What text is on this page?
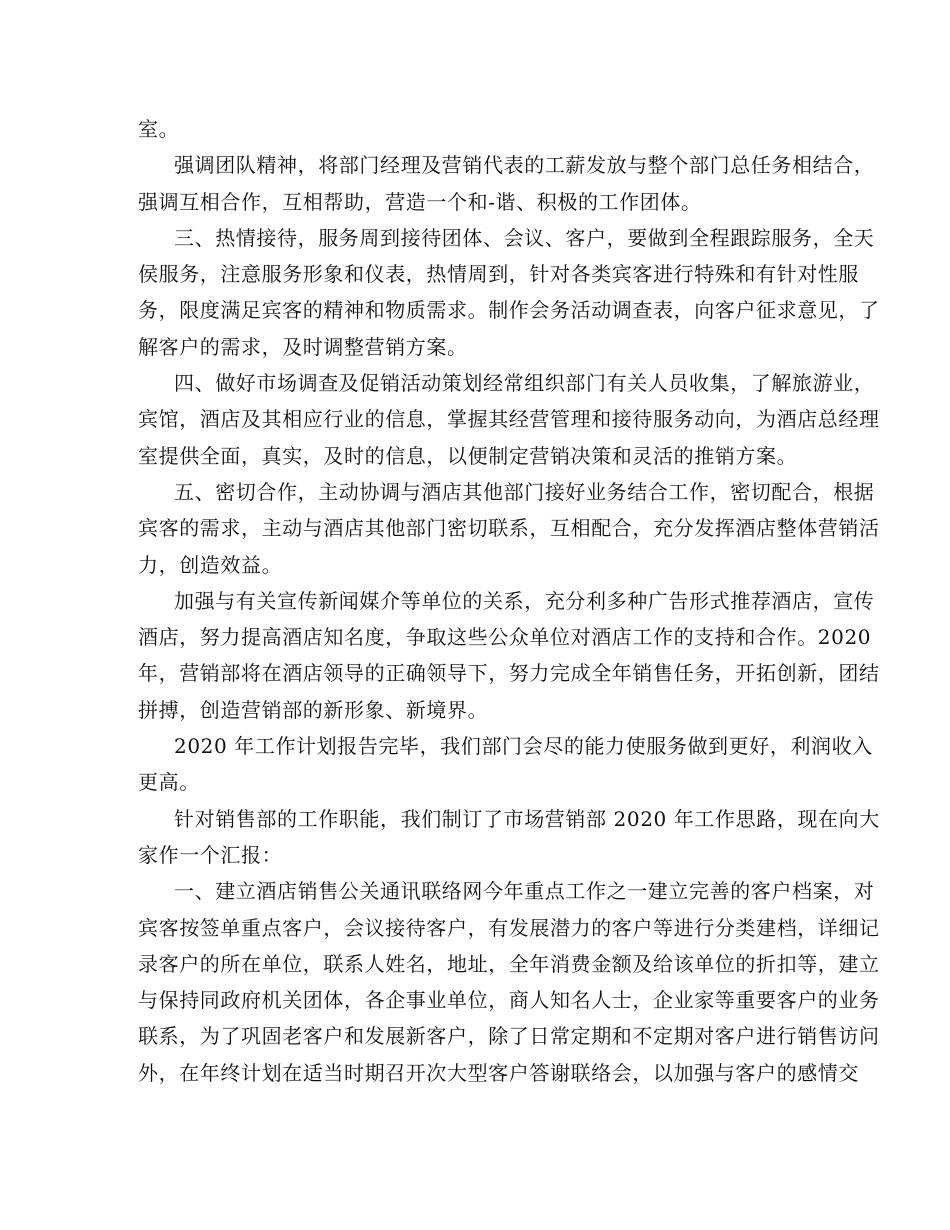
室。
强调团队精神，将部门经理及营销代表的工薪发放与整个部门总任务相结合，
强调互相合作，互相帮助，营造一个和-谐、积极的工作团体。
三、热情接待，服务周到接待团体、会议、客户，要做到全程跟踪服务，全天
侯服务，注意服务形象和仪表，热情周到，针对各类宾客进行特殊和有针对性服
务，限度满足宾客的精神和物质需求。制作会务活动调查表，向客户征求意见，了
解客户的需求，及时调整营销方案。
四、做好市场调查及促销活动策划经常组织部门有关人员收集，了解旅游业，
宾馆，酒店及其相应行业的信息，掌握其经营管理和接待服务动向，为酒店总经理
室提供全面，真实，及时的信息，以便制定营销决策和灵活的推销方案。
五、密切合作，主动协调与酒店其他部门接好业务结合工作，密切配合，根据
宾客的需求，主动与酒店其他部门密切联系，互相配合，充分发挥酒店整体营销活
力，创造效益。
加强与有关宣传新闻媒介等单位的关系，充分利多种广告形式推荐酒店，宣传
酒店，努力提高酒店知名度，争取这些公众单位对酒店工作的支持和合作。2020
年，营销部将在酒店领导的正确领导下，努力完成全年销售任务，开拓创新，团结
拼搏，创造营销部的新形象、新境界。
2020 年工作计划报告完毕，我们部门会尽的能力使服务做到更好，利润收入
更高。
针对销售部的工作职能，我们制订了市场营销部 2020 年工作思路，现在向大
家作一个汇报：
一、建立酒店销售公关通讯联络网今年重点工作之一建立完善的客户档案，对
宾客按签单重点客户，会议接待客户，有发展潜力的客户等进行分类建档，详细记
录客户的所在单位，联系人姓名，地址，全年消费金额及给该单位的折扣等，建立
与保持同政府机关团体，各企事业单位，商人知名人士，企业家等重要客户的业务
联系，为了巩固老客户和发展新客户，除了日常定期和不定期对客户进行销售访问
外，在年终计划在适当时期召开次大型客户答谢联络会，以加强与客户的感情交
